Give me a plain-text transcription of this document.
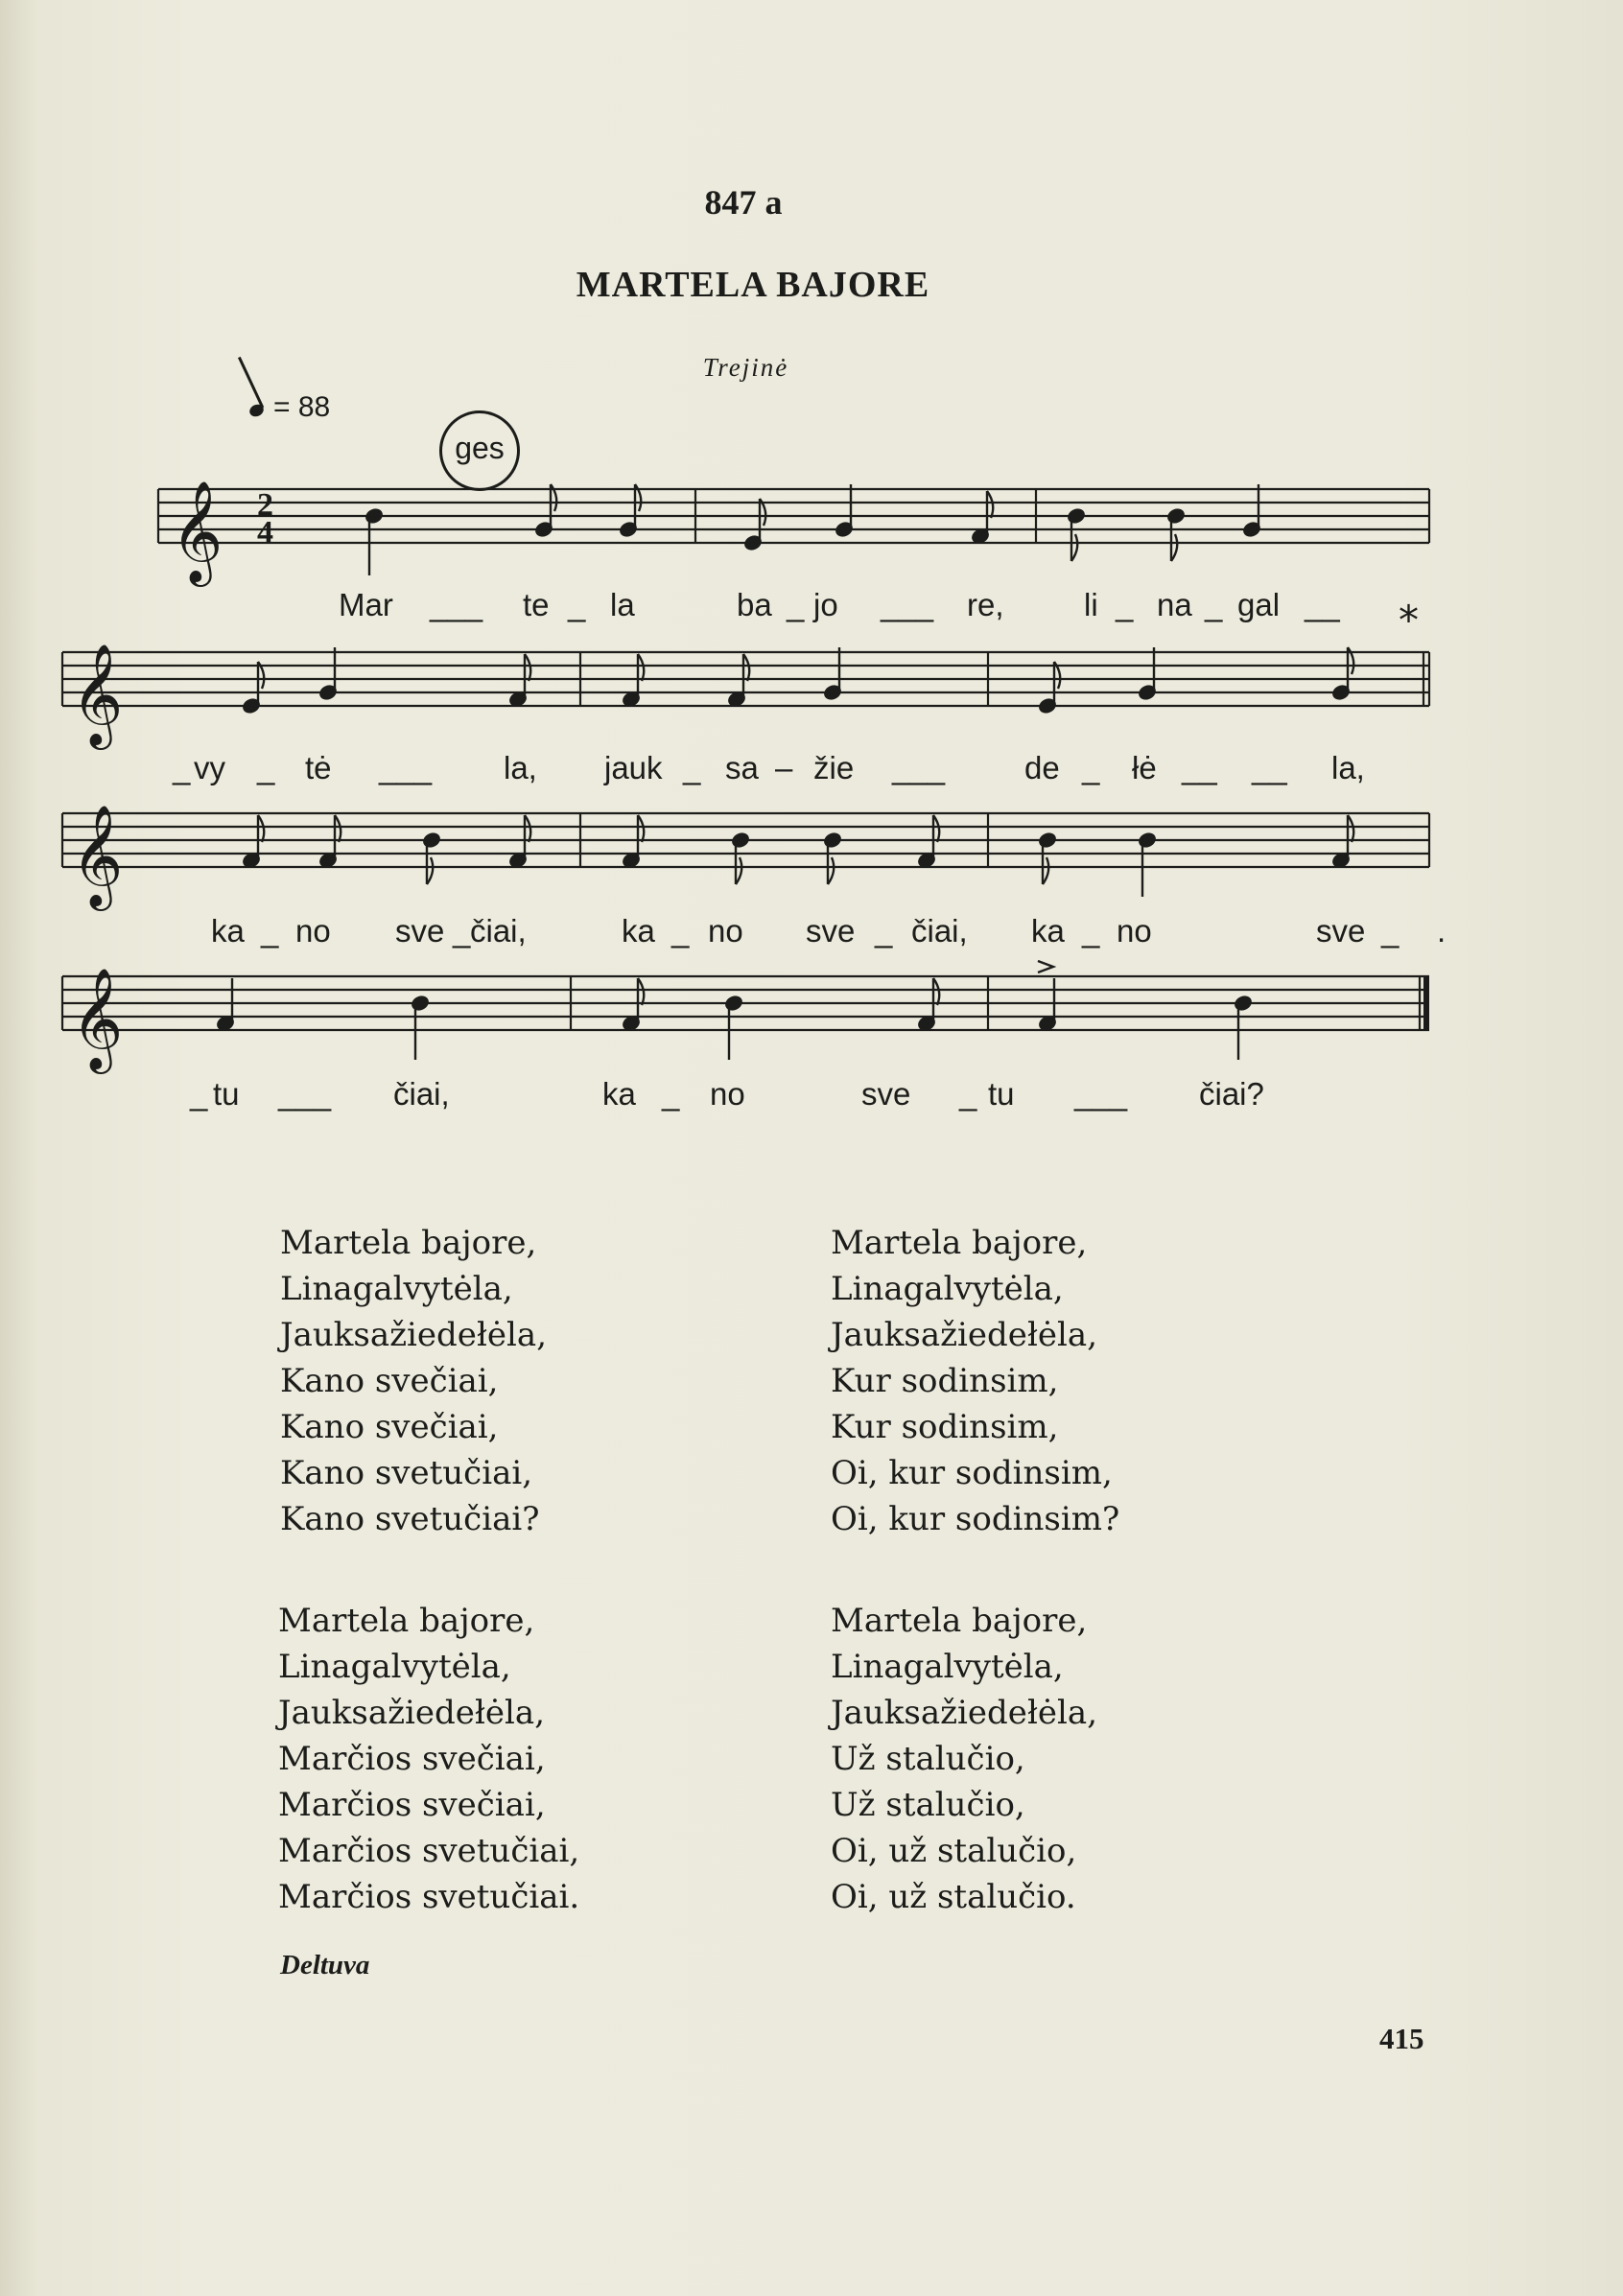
847 a
MARTELA BAJORE
Trejinė
= 88
ges
*
𝄞
𝄞
𝄞
𝄞
2
4
Mar ___ te _ la	ba _ jo ___ re,	li _ na _ gal __
_ vy _ tė ___ la, jauk _ sa – žie ___	de _ łė __ __ la,
ka _ no sve _ čiai,	ka _ no sve _ čiai, ka _ no	sve _ .
_ tu ___ čiai,	ka _ no	sve _ tu ___ čiai?
Martela bajore,
Linagalvytėla,
Jauksažiedełėla,
Kano svečiai,
Kano svečiai,
Kano svetučiai,
Kano svetučiai?
Martela bajore,
Linagalvytėla,
Jauksažiedełėla,
Kur sodinsim,
Kur sodinsim,
Oi, kur sodinsim,
Oi, kur sodinsim?
Martela bajore,
Linagalvytėla,
Jauksažiedełėla,
Marčios svečiai,
Marčios svečiai,
Marčios svetučiai,
Marčios svetučiai.
Martela bajore,
Linagalvytėla,
Jauksažiedełėla,
Už stalučio,
Už stalučio,
Oi, už stalučio,
Oi, už stalučio.
Deltuva
415
